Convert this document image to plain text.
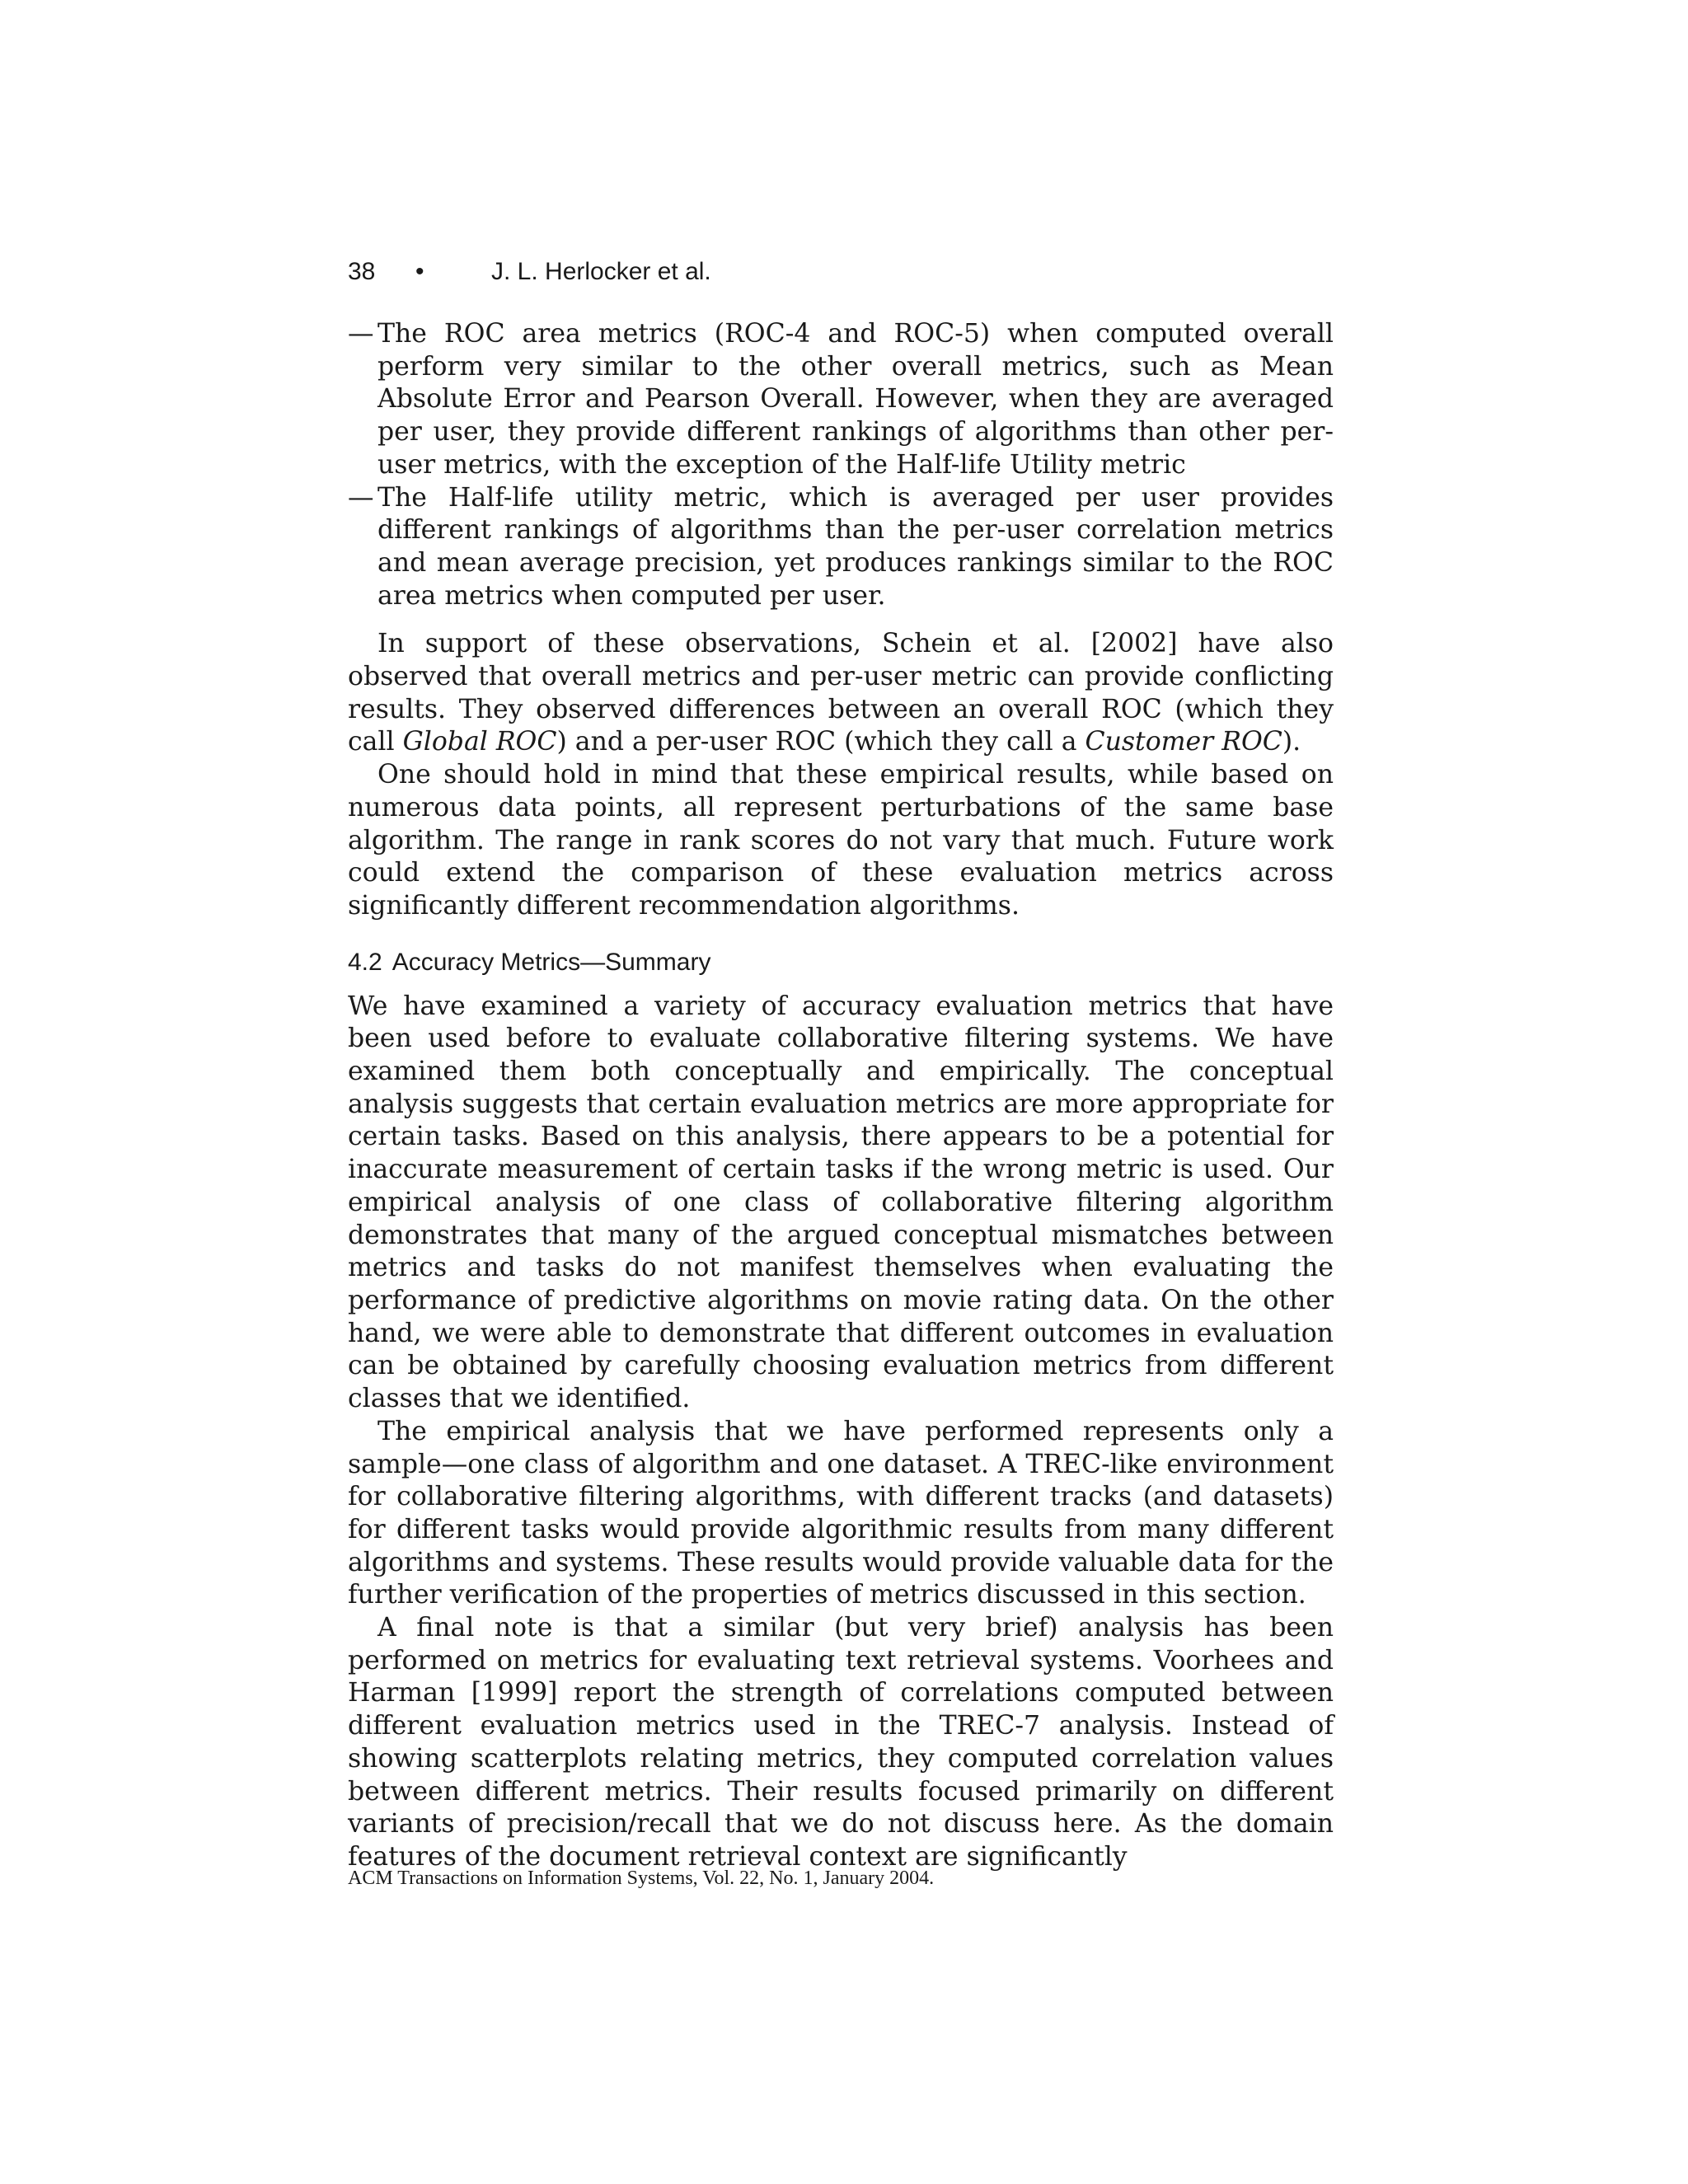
38 •	J. L. Herlocker et al.
— The ROC area metrics (ROC-4 and ROC-5) when computed overall perform very similar to the other overall metrics, such as Mean Absolute Error and Pearson Overall. However, when they are averaged per user, they provide different rankings of algorithms than other per-user metrics, with the exception of the Half-life Utility metric
— The Half-life utility metric, which is averaged per user provides different rankings of algorithms than the per-user correlation metrics and mean average precision, yet produces rankings similar to the ROC area metrics when computed per user.

In support of these observations, Schein et al. [2002] have also observed that overall metrics and per-user metric can provide conflicting results. They observed differences between an overall ROC (which they call Global ROC) and a per-user ROC (which they call a Customer ROC).

One should hold in mind that these empirical results, while based on numerous data points, all represent perturbations of the same base algorithm. The range in rank scores do not vary that much. Future work could extend the comparison of these evaluation metrics across significantly different recommendation algorithms.

4.2 Accuracy Metrics—Summary

We have examined a variety of accuracy evaluation metrics that have been used before to evaluate collaborative filtering systems. We have examined them both conceptually and empirically. The conceptual analysis suggests that certain evaluation metrics are more appropriate for certain tasks. Based on this analysis, there appears to be a potential for inaccurate measurement of certain tasks if the wrong metric is used. Our empirical analysis of one class of collaborative filtering algorithm demonstrates that many of the argued conceptual mismatches between metrics and tasks do not manifest themselves when evaluating the performance of predictive algorithms on movie rating data. On the other hand, we were able to demonstrate that different outcomes in evaluation can be obtained by carefully choosing evaluation metrics from different classes that we identified.

The empirical analysis that we have performed represents only a sample—one class of algorithm and one dataset. A TREC-like environment for collaborative filtering algorithms, with different tracks (and datasets) for different tasks would provide algorithmic results from many different algorithms and systems. These results would provide valuable data for the further verification of the properties of metrics discussed in this section.

A final note is that a similar (but very brief) analysis has been performed on metrics for evaluating text retrieval systems. Voorhees and Harman [1999] report the strength of correlations computed between different evaluation metrics used in the TREC-7 analysis. Instead of showing scatterplots relating metrics, they computed correlation values between different metrics. Their results focused primarily on different variants of precision/recall that we do not discuss here. As the domain features of the document retrieval context are significantly

ACM Transactions on Information Systems, Vol. 22, No. 1, January 2004.
